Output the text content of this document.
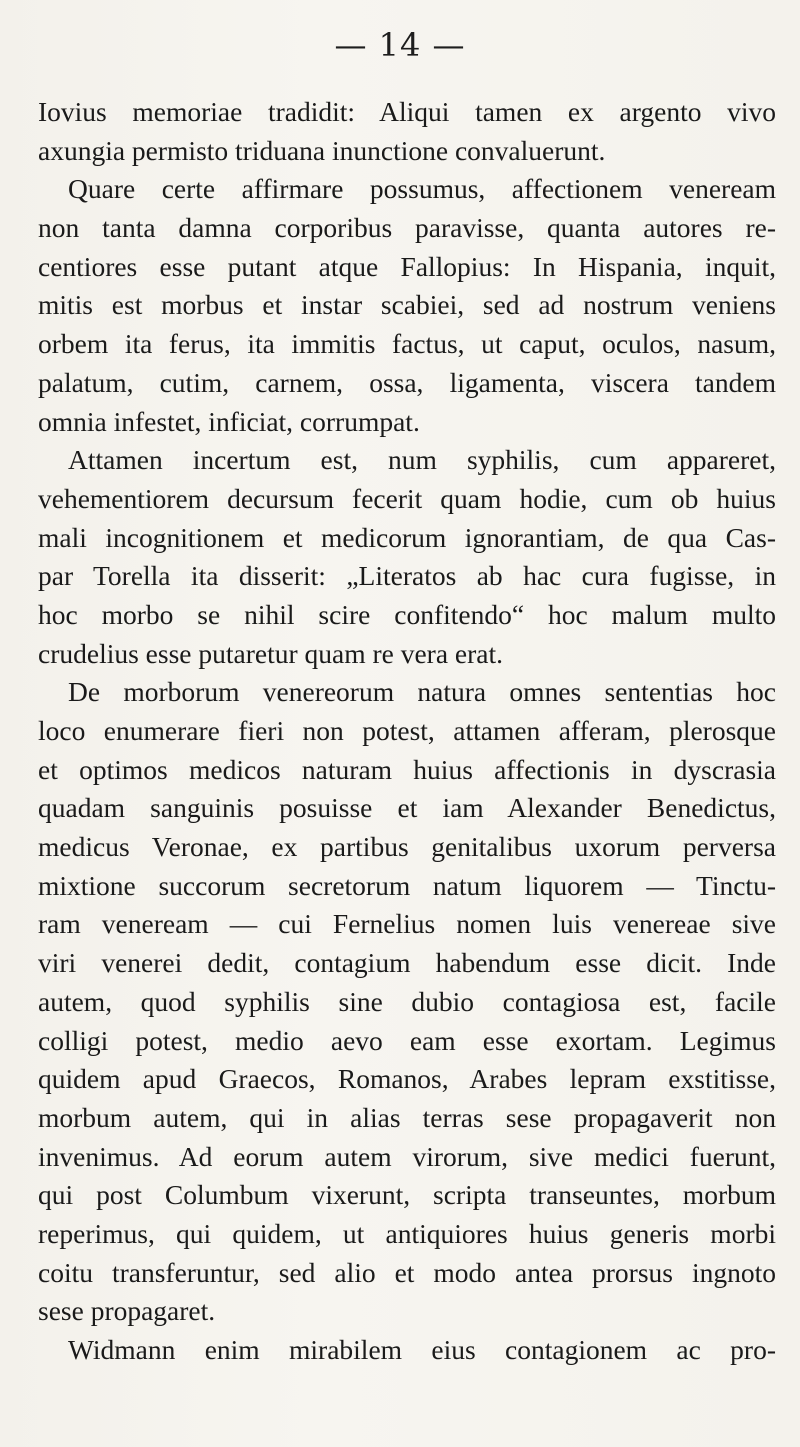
— 14 —
Iovius memoriae tradidit: Aliqui tamen ex argento vivo
axungia permisto triduana inunctione convaluerunt.
Quare certe affirmare possumus, affectionem veneream
non tanta damna corporibus paravisse, quanta autores re-
centiores esse putant atque Fallopius: In Hispania, inquit,
mitis est morbus et instar scabiei, sed ad nostrum veniens
orbem ita ferus, ita immitis factus, ut caput, oculos, nasum,
palatum, cutim, carnem, ossa, ligamenta, viscera tandem
omnia infestet, inficiat, corrumpat.
Attamen incertum est, num syphilis, cum appareret,
vehementiorem decursum fecerit quam hodie, cum ob huius
mali incognitionem et medicorum ignorantiam, de qua Cas-
par Torella ita disserit: „Literatos ab hac cura fugisse, in
hoc morbo se nihil scire confitendo“ hoc malum multo
crudelius esse putaretur quam re vera erat.
De morborum venereorum natura omnes sententias hoc
loco enumerare fieri non potest, attamen afferam, plerosque
et optimos medicos naturam huius affectionis in dyscrasia
quadam sanguinis posuisse et iam Alexander Benedictus,
medicus Veronae, ex partibus genitalibus uxorum perversa
mixtione succorum secretorum natum liquorem — Tinctu-
ram veneream — cui Fernelius nomen luis venereae sive
viri venerei dedit, contagium habendum esse dicit. Inde
autem, quod syphilis sine dubio contagiosa est, facile
colligi potest, medio aevo eam esse exortam. Legimus
quidem apud Graecos, Romanos, Arabes lepram exstitisse,
morbum autem, qui in alias terras sese propagaverit non
invenimus. Ad eorum autem virorum, sive medici fuerunt,
qui post Columbum vixerunt, scripta transeuntes, morbum
reperimus, qui quidem, ut antiquiores huius generis morbi
coitu transferuntur, sed alio et modo antea prorsus ingnoto
sese propagaret.
Widmann enim mirabilem eius contagionem ac pro-
